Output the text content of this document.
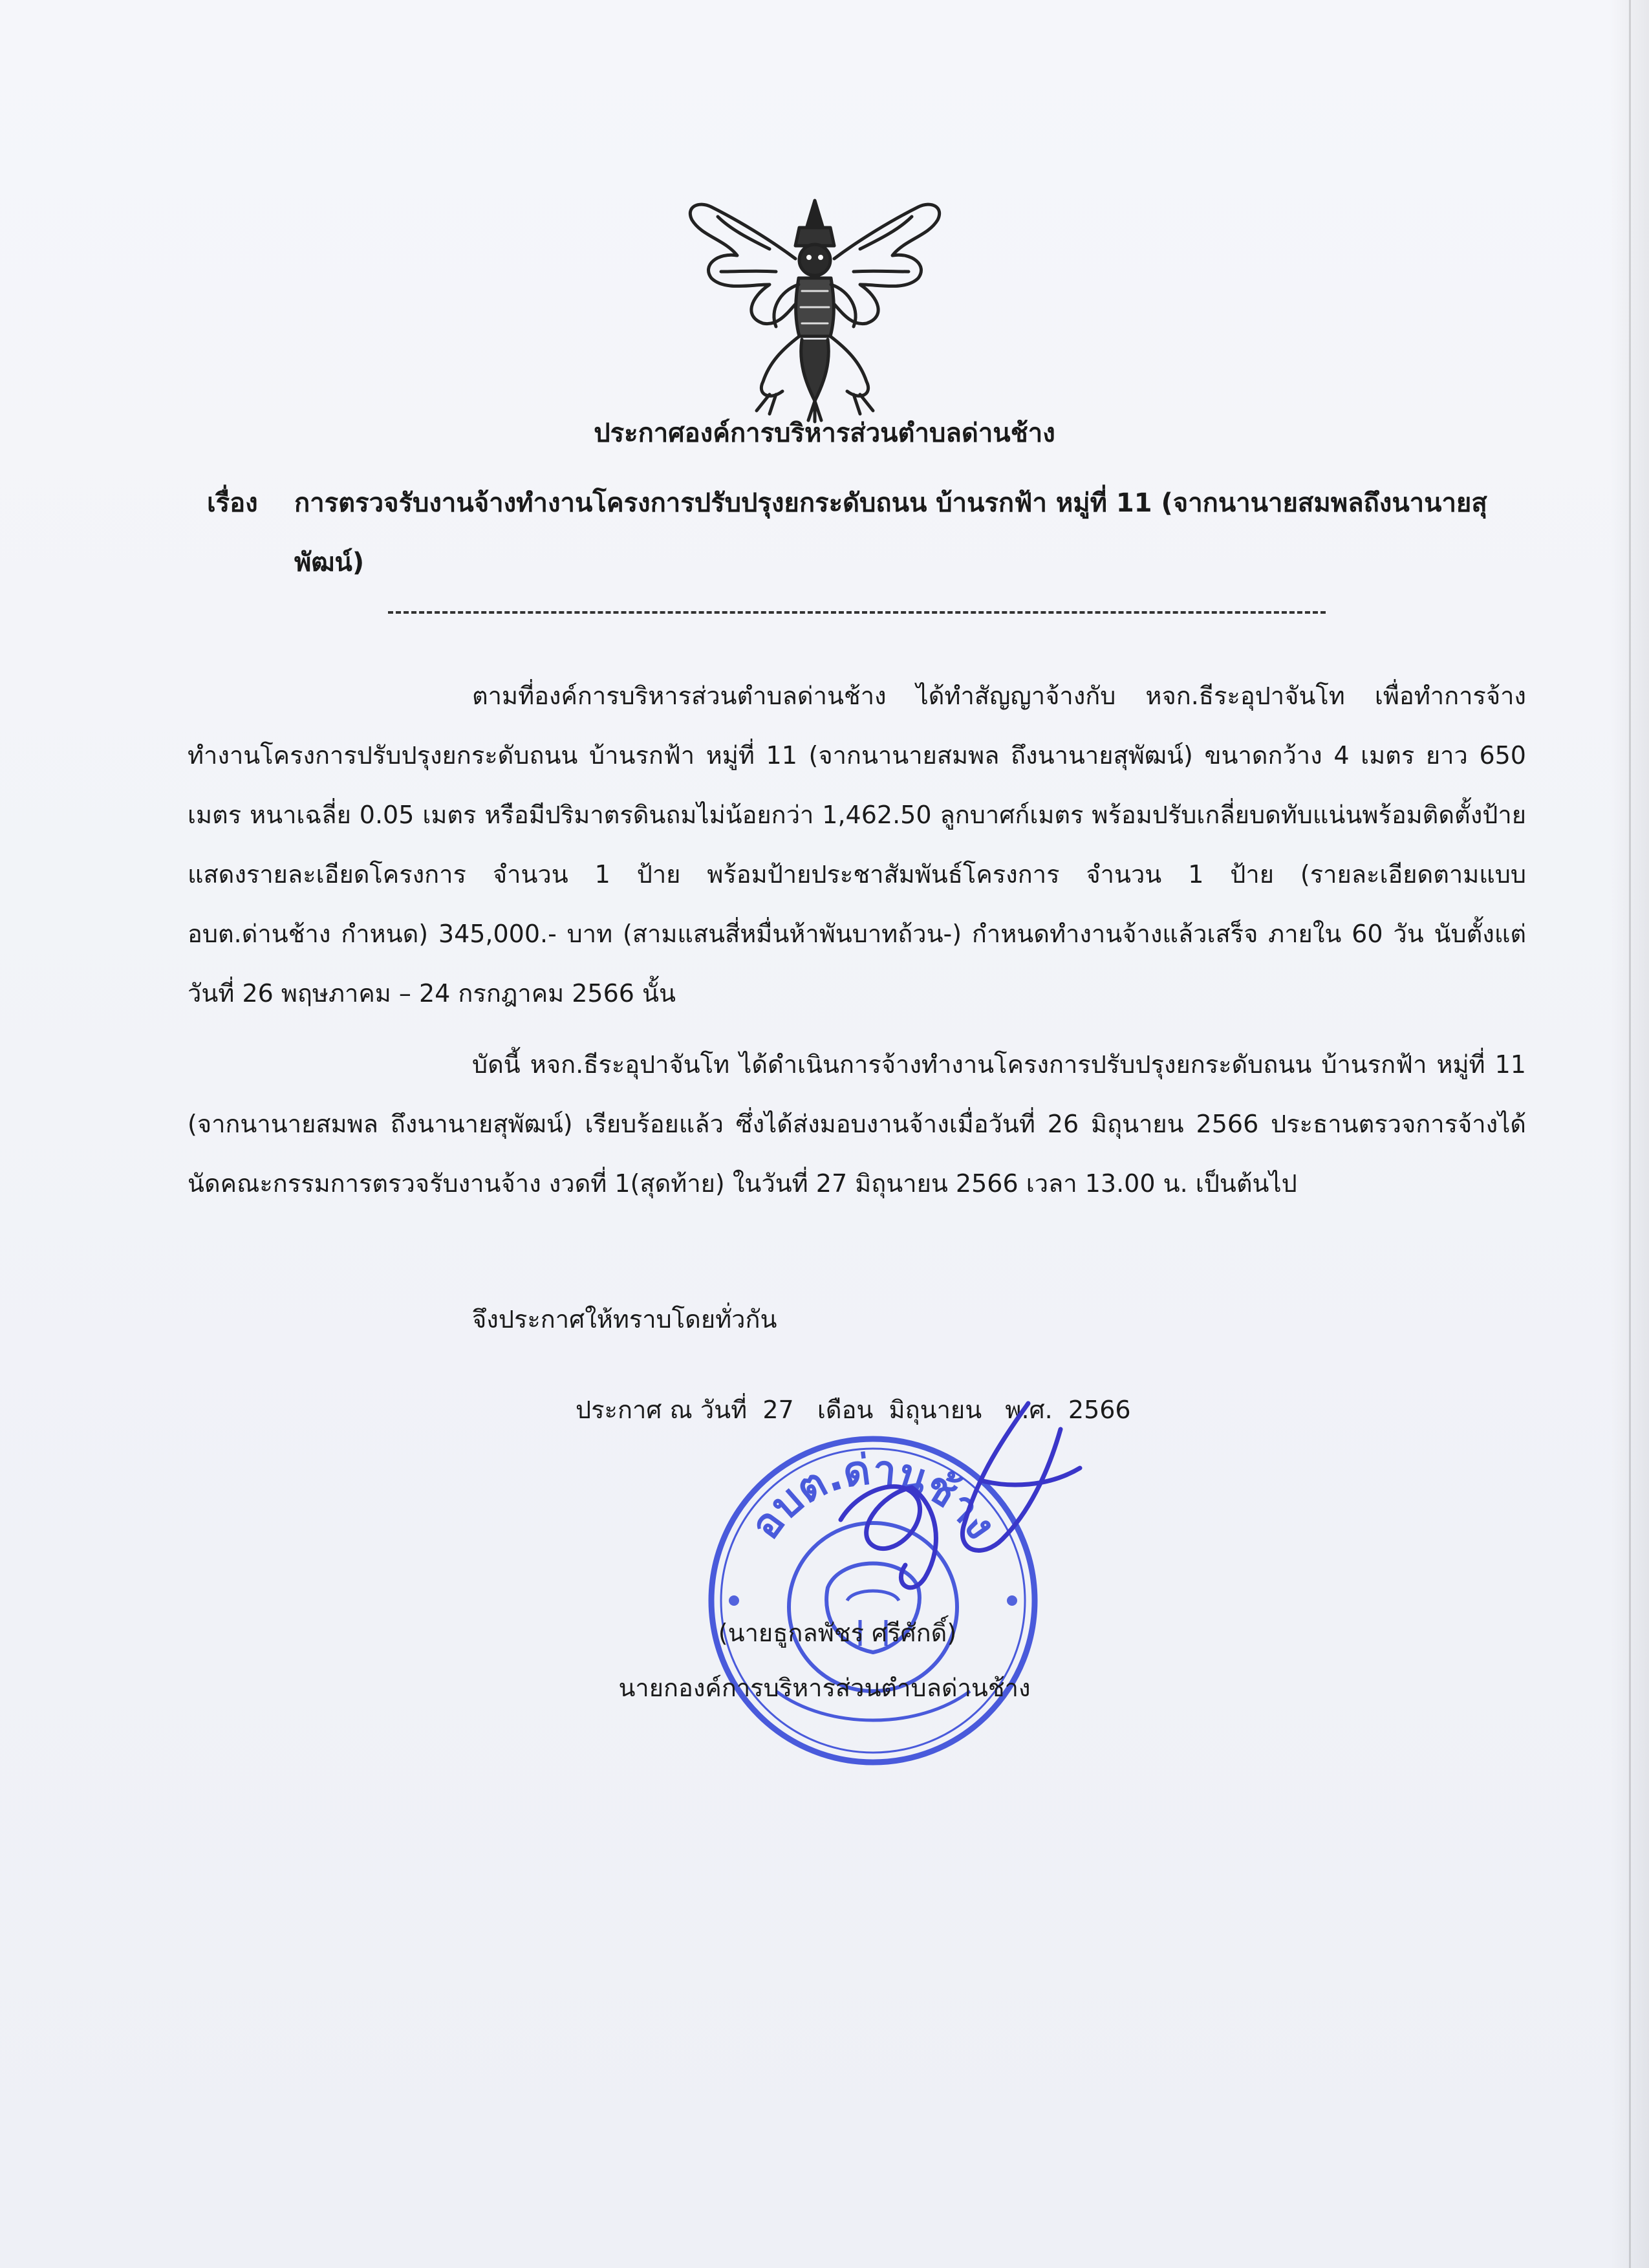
ประกาศองค์การบริหารส่วนตำบลด่านช้าง
เรื่อง การตรวจรับงานจ้างทำงานโครงการปรับปรุงยกระดับถนน บ้านรกฟ้า หมู่ที่ 11 (จากนานายสมพลถึงนานายสุพัฒน์)
ตามที่องค์การบริหารส่วนตำบลด่านช้าง ได้ทำสัญญาจ้างกับ หจก.ธีระอุปาจันโท เพื่อทำการจ้างทำงานโครงการปรับปรุงยกระดับถนน บ้านรกฟ้า หมู่ที่ 11 (จากนานายสมพล ถึงนานายสุพัฒน์) ขนาดกว้าง 4 เมตร ยาว 650 เมตร หนาเฉลี่ย 0.05 เมตร หรือมีปริมาตรดินถมไม่น้อยกว่า 1,462.50 ลูกบาศก์เมตร พร้อมปรับเกลี่ยบดทับแน่นพร้อมติดตั้งป้ายแสดงรายละเอียดโครงการ จำนวน 1 ป้าย พร้อมป้ายประชาสัมพันธ์โครงการ จำนวน 1 ป้าย (รายละเอียดตามแบบ อบต.ด่านช้าง กำหนด) 345,000.- บาท (สามแสนสี่หมื่นห้าพันบาทถ้วน-) กำหนดทำงานจ้างแล้วเสร็จ ภายใน 60 วัน นับตั้งแต่วันที่ 26 พฤษภาคม – 24 กรกฎาคม 2566 นั้น
บัดนี้ หจก.ธีระอุปาจันโท ได้ดำเนินการจ้างทำงานโครงการปรับปรุงยกระดับถนน บ้านรกฟ้า หมู่ที่ 11 (จากนานายสมพล ถึงนานายสุพัฒน์) เรียบร้อยแล้ว ซึ่งได้ส่งมอบงานจ้างเมื่อวันที่ 26 มิถุนายน 2566 ประธานตรวจการจ้างได้นัดคณะกรรมการตรวจรับงานจ้าง งวดที่ 1(สุดท้าย) ในวันที่ 27 มิถุนายน 2566 เวลา 13.00 น. เป็นต้นไป
จึงประกาศให้ทราบโดยทั่วกัน
ประกาศ ณ วันที่  27   เดือน  มิถุนายน   พ.ศ.  2566
อบต.ด่านช้าง
(นายธูกลพัชร ศรีศักดิ์)
นายกองค์การบริหารส่วนตำบลด่านช้าง
